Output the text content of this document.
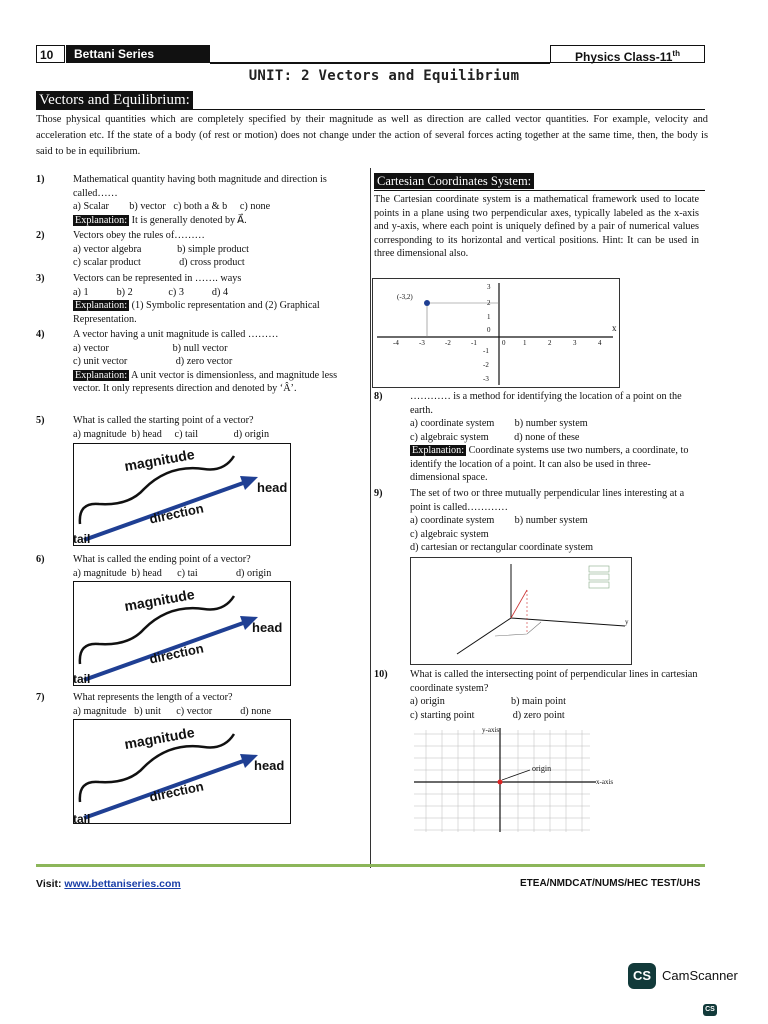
10	Bettani Series	Physics Class-11th
UNIT: 2 Vectors and Equilibrium
Vectors and Equilibrium:
Those physical quantities which are completely specified by their magnitude as well as direction are called vector quantities. For example, velocity and acceleration etc. If the state of a body (of rest or motion) does not change under the action of several forces acting together at the same time, then, the body is said to be in equilibrium.
1)	Mathematical quantity having both magnitude and direction is called……
a) Scalar        b) vector   c) both a & b     c) none
Explanation: It is generally denoted by A⃗.
2)	Vectors obey the rules of………
a) vector algebra              b) simple product
c) scalar product               d) cross product
3)	Vectors can be represented in ……. ways
a) 1           b) 2              c) 3           d) 4
Explanation: (1) Symbolic representation and (2) Graphical Representation.
4)	A vector having a unit magnitude is called ………
a) vector                         b) null vector
c) unit vector                   d) zero vector
Explanation: A unit vector is dimensionless, and magnitude less vector. It only represents direction and denoted by ‘Â’.
5)	What is called the starting point of a vector?
a) magnitude  b) head     c) tail              d) origin
magnitude
head
direction
tail
6)	What is called the ending point of a vector?
a) magnitude  b) head      c) tai               d) origin
magnitude
head
direction
tail
7)	What represents the length of a vector?
a) magnitude   b) unit      c) vector           d) none
magnitude
head
direction
tail
Cartesian Coordinates System:
The Cartesian coordinate system is a mathematical framework used to locate points in a plane using two perpendicular axes, typically labeled as the x-axis and y-axis, where each point is uniquely defined by a pair of numerical values corresponding to its horizontal and vertical positions. Hint: It can be used in three dimensional also.
(-3,2)
x
-4	-3	-2	-1	0	1	2	3	4
3
2
1
0
-1
-2
-3
8)	………… is a method for identifying the location of a point on the earth.
a) coordinate system        b) number system
c) algebraic system          d) none of these
Explanation: Coordinate systems use two numbers, a coordinate, to identify the location of a point. It can also be used in three-dimensional space.
9)	The set of two or three mutually perpendicular lines interesting at a point is called…………
a) coordinate system        b) number system
c) algebraic system
d) cartesian or rectangular coordinate system
y
10)	What is called the intersecting point of perpendicular lines in cartesian coordinate system?
a) origin                          b) main point
c) starting point               d) zero point
y-axis
x-axis
origin
Visit: www.bettaniseries.com	ETEA/NMDCAT/NUMS/HEC TEST/UHS
CS CamScanner
CS
